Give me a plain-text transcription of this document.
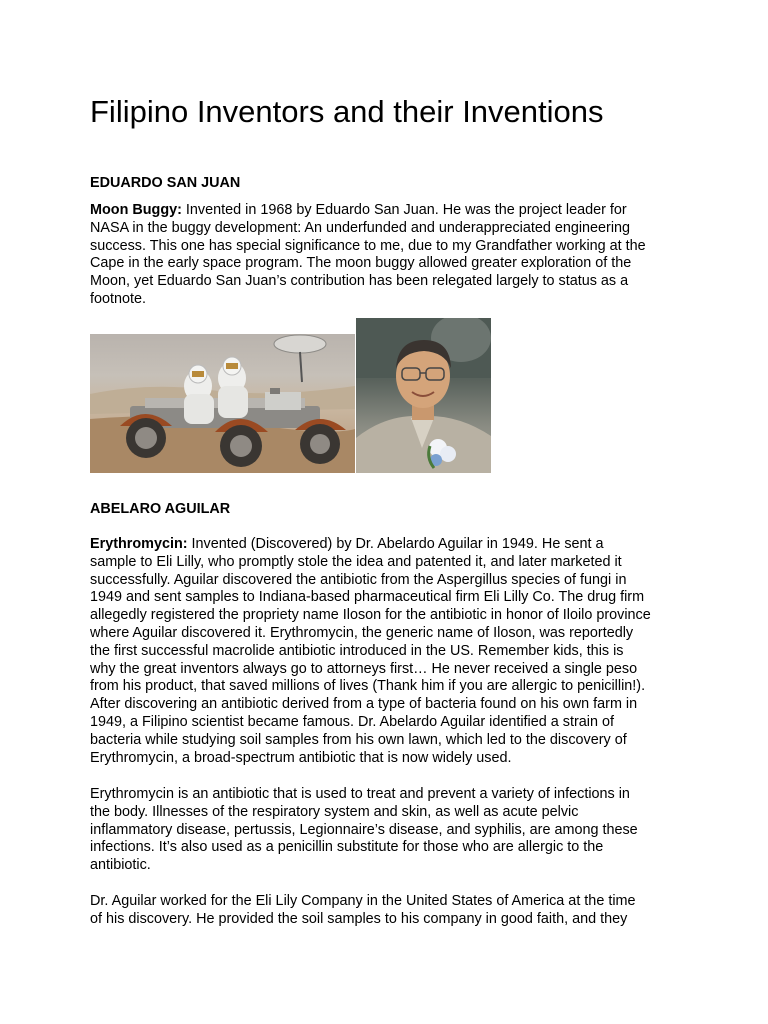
Filipino Inventors and their Inventions
EDUARDO SAN JUAN

Moon Buggy: Invented in 1968 by Eduardo San Juan. He was the project leader for
NASA in the buggy development: An underfunded and underappreciated engineering
success. This one has special significance to me, due to my Grandfather working at the
Cape in the early space program. The moon buggy allowed greater exploration of the
Moon, yet Eduardo San Juan’s contribution has been relegated largely to status as a
footnote.

ABELARO AGUILAR

Erythromycin: Invented (Discovered) by Dr. Abelardo Aguilar in 1949. He sent a
sample to Eli Lilly, who promptly stole the idea and patented it, and later marketed it
successfully. Aguilar discovered the antibiotic from the Aspergillus species of fungi in
1949 and sent samples to Indiana-based pharmaceutical firm Eli Lilly Co. The drug firm
allegedly registered the propriety name Iloson for the antibiotic in honor of Iloilo province
where Aguilar discovered it. Erythromycin, the generic name of Iloson, was reportedly
the first successful macrolide antibiotic introduced in the US. Remember kids, this is
why the great inventors always go to attorneys first… He never received a single peso
from his product, that saved millions of lives (Thank him if you are allergic to penicillin!).
After discovering an antibiotic derived from a type of bacteria found on his own farm in
1949, a Filipino scientist became famous. Dr. Abelardo Aguilar identified a strain of
bacteria while studying soil samples from his own lawn, which led to the discovery of
Erythromycin, a broad-spectrum antibiotic that is now widely used.

Erythromycin is an antibiotic that is used to treat and prevent a variety of infections in
the body. Illnesses of the respiratory system and skin, as well as acute pelvic
inflammatory disease, pertussis, Legionnaire’s disease, and syphilis, are among these
infections. It’s also used as a penicillin substitute for those who are allergic to the
antibiotic.

Dr. Aguilar worked for the Eli Lily Company in the United States of America at the time
of his discovery. He provided the soil samples to his company in good faith, and they
